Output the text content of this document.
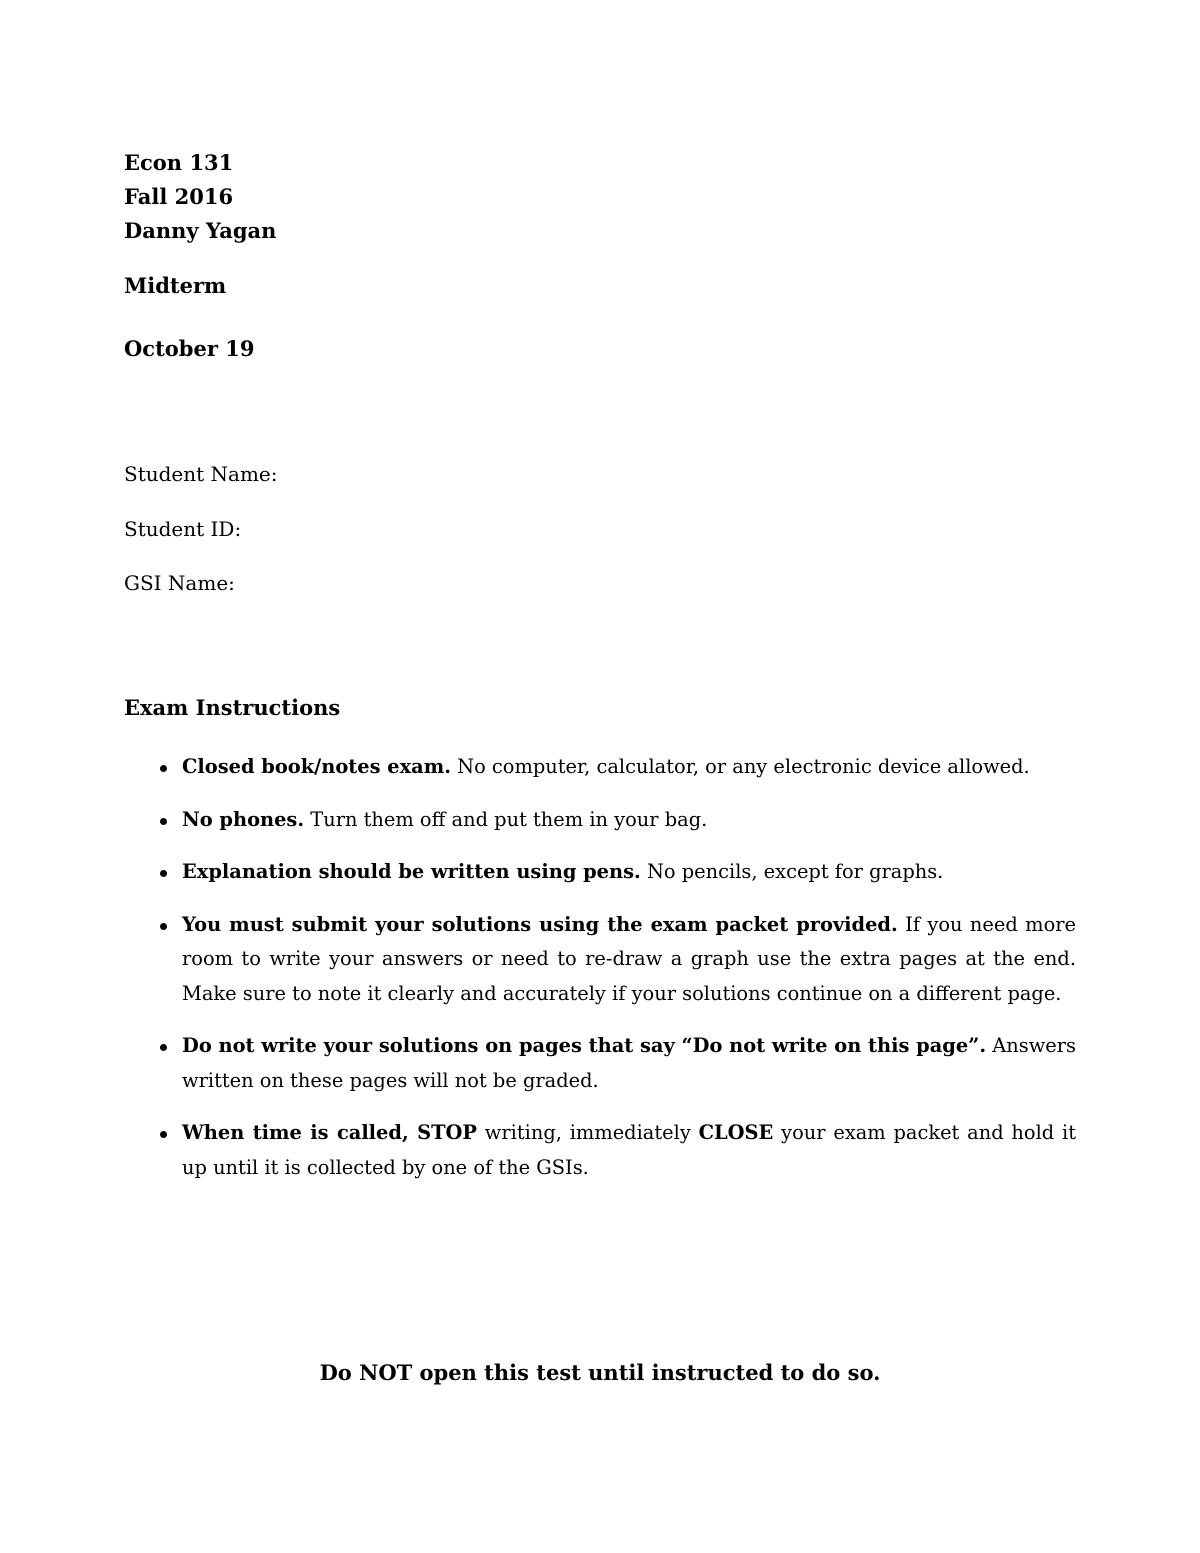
Econ 131
Fall 2016
Danny Yagan
Midterm
October 19
Student Name:
Student ID:
GSI Name:
Exam Instructions
Closed book/notes exam. No computer, calculator, or any electronic device allowed.
No phones. Turn them off and put them in your bag.
Explanation should be written using pens. No pencils, except for graphs.
You must submit your solutions using the exam packet provided. If you need more room to write your answers or need to re-draw a graph use the extra pages at the end. Make sure to note it clearly and accurately if your solutions continue on a different page.
Do not write your solutions on pages that say “Do not write on this page”. Answers written on these pages will not be graded.
When time is called, STOP writing, immediately CLOSE your exam packet and hold it up until it is collected by one of the GSIs.
Do NOT open this test until instructed to do so.
